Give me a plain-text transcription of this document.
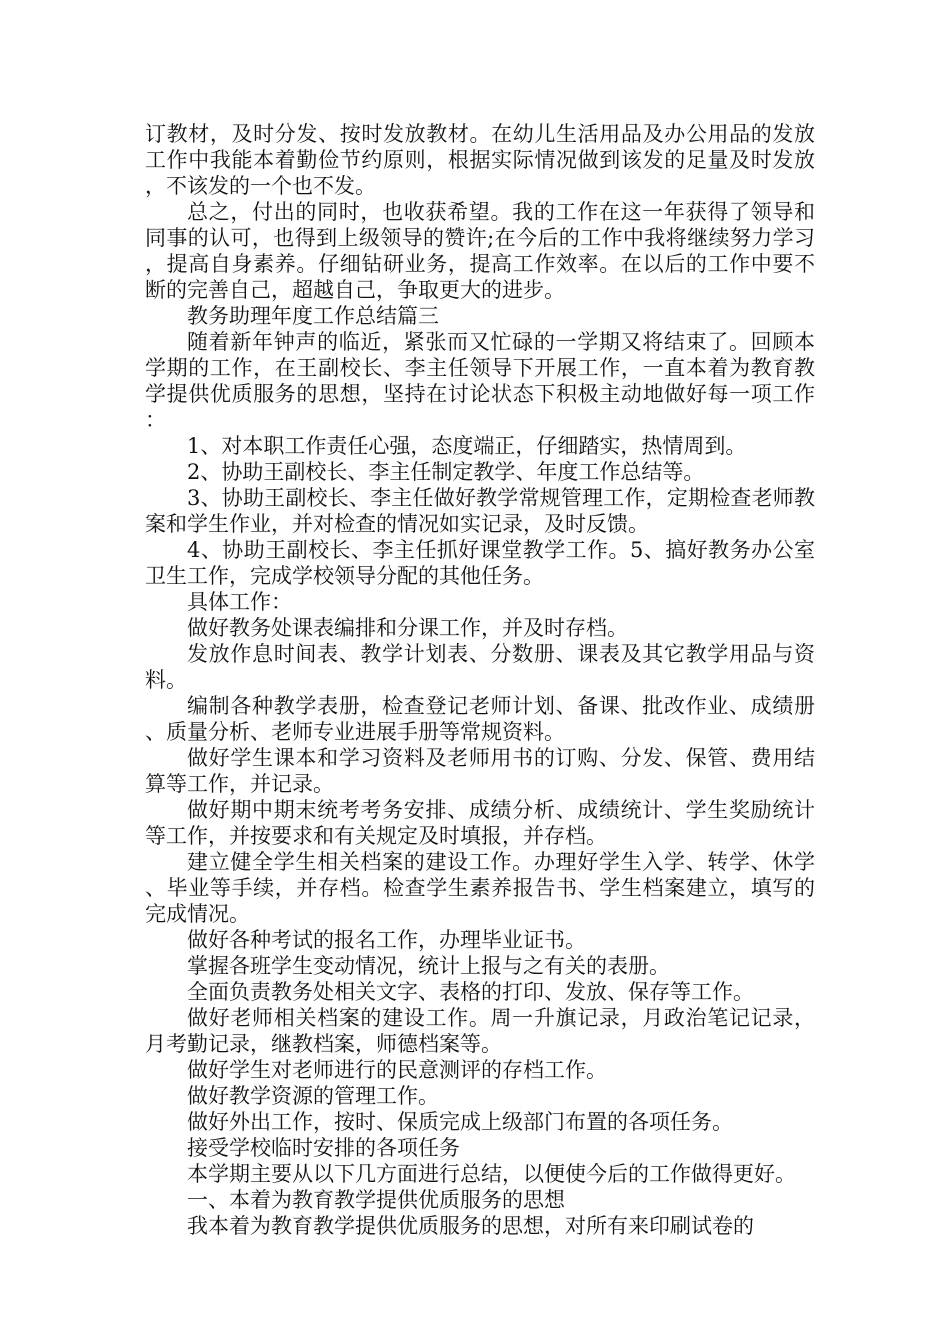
订教材，及时分发、按时发放教材。在幼儿生活用品及办公用品的发放工作中我能本着勤俭节约原则，根据实际情况做到该发的足量及时发放，不该发的一个也不发。

总之，付出的同时，也收获希望。我的工作在这一年获得了领导和同事的认可，也得到上级领导的赞许;在今后的工作中我将继续努力学习，提高自身素养。仔细钻研业务，提高工作效率。在以后的工作中要不断的完善自己，超越自己，争取更大的进步。

教务助理年度工作总结篇三

随着新年钟声的临近，紧张而又忙碌的一学期又将结束了。回顾本学期的工作，在王副校长、李主任领导下开展工作，一直本着为教育教学提供优质服务的思想，坚持在讨论状态下积极主动地做好每一项工作：

1、对本职工作责任心强，态度端正，仔细踏实，热情周到。

2、协助王副校长、李主任制定教学、年度工作总结等。

3、协助王副校长、李主任做好教学常规管理工作，定期检查老师教案和学生作业，并对检查的情况如实记录，及时反馈。

4、协助王副校长、李主任抓好课堂教学工作。5、搞好教务办公室卫生工作，完成学校领导分配的其他任务。

具体工作：

做好教务处课表编排和分课工作，并及时存档。

发放作息时间表、教学计划表、分数册、课表及其它教学用品与资料。

编制各种教学表册，检查登记老师计划、备课、批改作业、成绩册、质量分析、老师专业进展手册等常规资料。

做好学生课本和学习资料及老师用书的订购、分发、保管、费用结算等工作，并记录。

做好期中期末统考考务安排、成绩分析、成绩统计、学生奖励统计等工作，并按要求和有关规定及时填报，并存档。

建立健全学生相关档案的建设工作。办理好学生入学、转学、休学、毕业等手续，并存档。检查学生素养报告书、学生档案建立，填写的完成情况。

做好各种考试的报名工作，办理毕业证书。

掌握各班学生变动情况，统计上报与之有关的表册。

全面负责教务处相关文字、表格的打印、发放、保存等工作。

做好老师相关档案的建设工作。周一升旗记录，月政治笔记记录，月考勤记录，继教档案，师德档案等。

做好学生对老师进行的民意测评的存档工作。

做好教学资源的管理工作。

做好外出工作，按时、保质完成上级部门布置的各项任务。

接受学校临时安排的各项任务

本学期主要从以下几方面进行总结，以便使今后的工作做得更好。

一、本着为教育教学提供优质服务的思想

我本着为教育教学提供优质服务的思想，对所有来印刷试卷的
